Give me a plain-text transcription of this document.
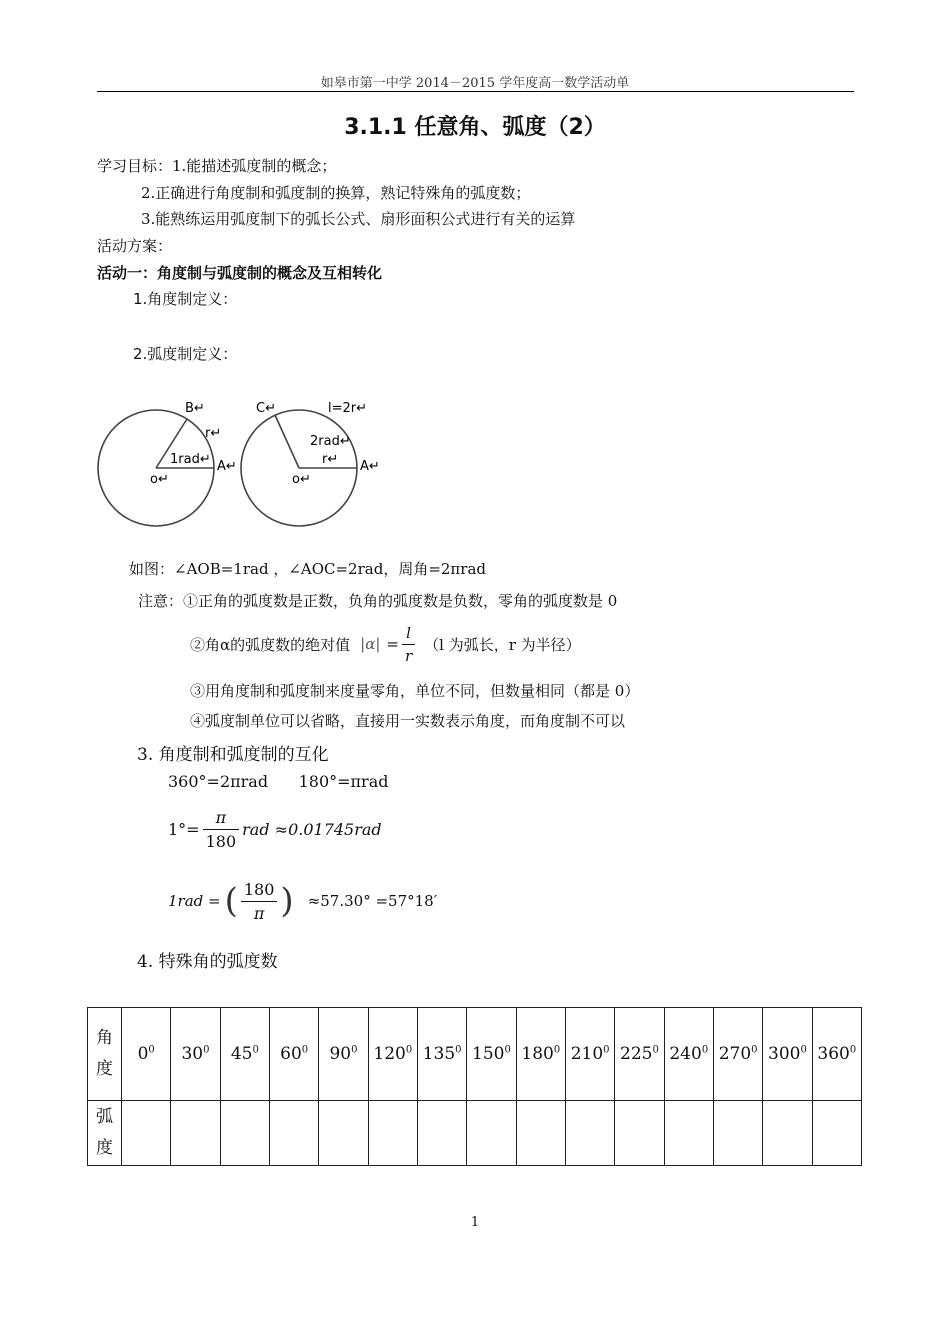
如皋市第一中学 2014－2015 学年度高一数学活动单
3.1.1 任意角、弧度（2）
学习目标：1.能描述弧度制的概念；
2.正确进行角度制和弧度制的换算，熟记特殊角的弧度数；
3.能熟练运用弧度制下的弧长公式、扇形面积公式进行有关的运算
活动方案：
活动一：角度制与弧度制的概念及互相转化
1.角度制定义：
2.弧度制定义：
B↵
r↵
1rad↵ A↵
o↵
C↵	l=2r↵
2rad↵
r↵ A↵
o↵
如图：∠AOB=1rad ，∠AOC=2rad，周角=2πrad
注意：①正角的弧度数是正数，负角的弧度数是负数，零角的弧度数是 0
②角α的弧度数的绝对值 $|\alpha| = \frac{l}{r} (l$ 为弧长，r 为半径）
③用角度制和弧度制来度量零角，单位不同，但数量相同（都是 0）
④弧度制单位可以省略，直接用一实数表示角度，而角度制不可以
3. 角度制和弧度制的互化
360°=2πrad      180°=πrad
$1^\circ= \frac{\pi}{180}$ rad ≈0.01745rad
1rad = ( $\frac{180}{\pi}$ ) ≈57.30° =57°18′
4. 特殊角的弧度数
角度	$0^0$	$30^0$	$45^0$	$60^0$	$90^0$	$120^0$	$135^0$	$150^0$	$180^0$	$210^0$	$225^0$	$240^0$	$270^0$	$300^0$	$360^0$
弧度															
1
